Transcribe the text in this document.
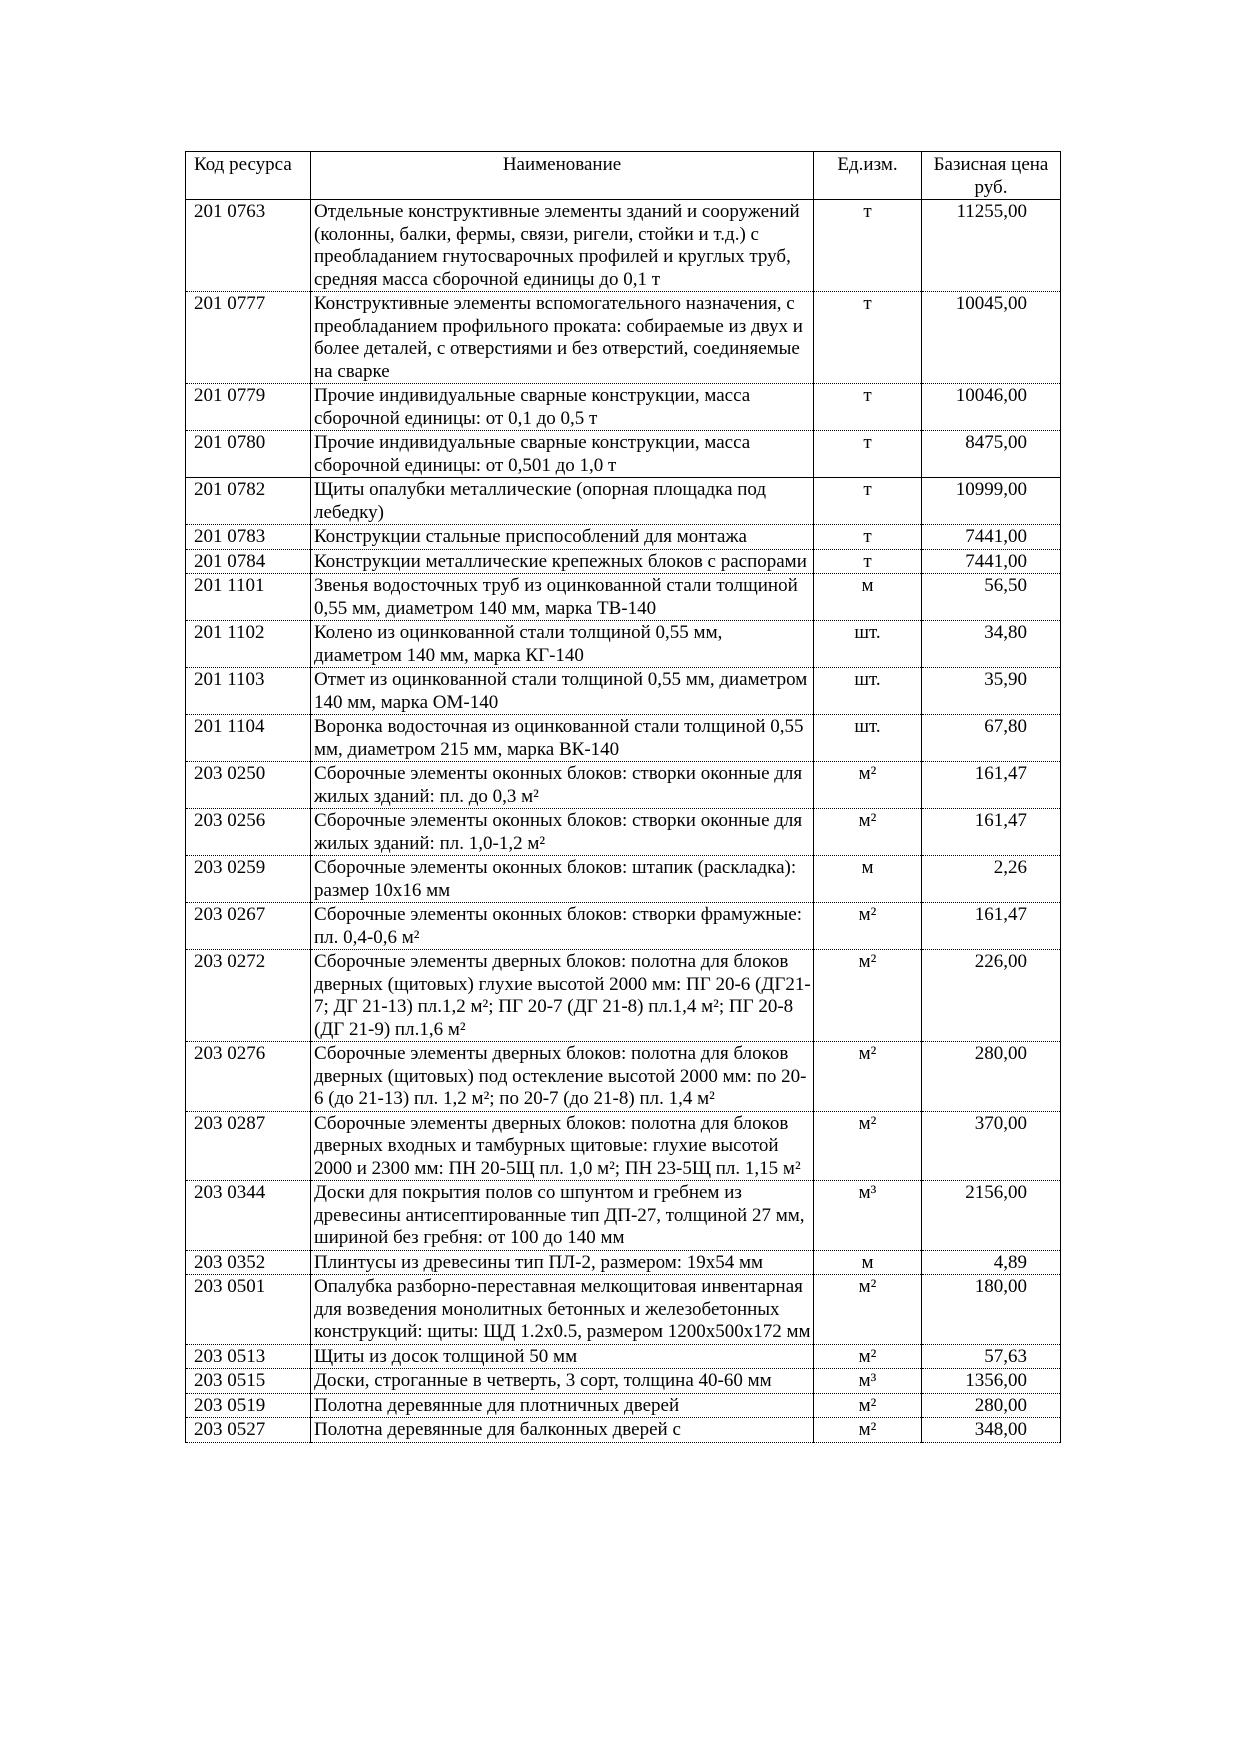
Код ресурса	Наименование	Ед.изм.	Базисная цена руб.
201 0763	Отдельные конструктивные элементы зданий и сооружений (колонны, балки, фермы, связи, ригели, стойки и т.д.) с преобладанием гнутосварочных профилей и круглых труб, средняя масса сборочной единицы до 0,1 т	т	11255,00
201 0777	Конструктивные элементы вспомогательного назначения, с преобладанием профильного проката: собираемые из двух и более деталей, с отверстиями и без отверстий, соединяемые на сварке	т	10045,00
201 0779	Прочие индивидуальные сварные конструкции, масса сборочной единицы: от 0,1 до 0,5 т	т	10046,00
201 0780	Прочие индивидуальные сварные конструкции, масса сборочной единицы: от 0,501 до 1,0 т	т	8475,00
201 0782	Щиты опалубки металлические (опорная площадка под лебедку)	т	10999,00
201 0783	Конструкции стальные приспособлений для монтажа	т	7441,00
201 0784	Конструкции металлические крепежных блоков с распорами	т	7441,00
201 1101	Звенья водосточных труб из оцинкованной стали толщиной 0,55 мм, диаметром 140 мм, марка ТВ-140	м	56,50
201 1102	Колено из оцинкованной стали толщиной 0,55 мм, диаметром 140 мм, марка КГ-140	шт.	34,80
201 1103	Отмет из оцинкованной стали толщиной 0,55 мм, диаметром 140 мм, марка ОМ-140	шт.	35,90
201 1104	Воронка водосточная из оцинкованной стали толщиной 0,55 мм, диаметром 215 мм, марка ВК-140	шт.	67,80
203 0250	Сборочные элементы оконных блоков: створки оконные для жилых зданий: пл. до 0,3 м²	м²	161,47
203 0256	Сборочные элементы оконных блоков: створки оконные для жилых зданий: пл. 1,0-1,2 м²	м²	161,47
203 0259	Сборочные элементы оконных блоков: штапик (раскладка): размер 10x16 мм	м	2,26
203 0267	Сборочные элементы оконных блоков: створки фрамужные: пл. 0,4-0,6 м²	м²	161,47
203 0272	Сборочные элементы дверных блоков: полотна для блоков дверных (щитовых) глухие высотой 2000 мм: ПГ 20-6 (ДГ21-7; ДГ 21-13) пл.1,2 м²; ПГ 20-7 (ДГ 21-8) пл.1,4 м²; ПГ 20-8 (ДГ 21-9) пл.1,6 м²	м²	226,00
203 0276	Сборочные элементы дверных блоков: полотна для блоков дверных (щитовых) под остекление высотой 2000 мм: по 20-6 (до 21-13) пл. 1,2 м²; по 20-7 (до 21-8) пл. 1,4 м²	м²	280,00
203 0287	Сборочные элементы дверных блоков: полотна для блоков дверных входных и тамбурных щитовые: глухие высотой 2000 и 2300 мм: ПН 20-5Щ пл. 1,0 м²; ПН 23-5Щ пл. 1,15 м²	м²	370,00
203 0344	Доски для покрытия полов со шпунтом и гребнем из древесины антисептированные тип ДП-27, толщиной 27 мм, шириной без гребня: от 100 до 140 мм	м³	2156,00
203 0352	Плинтусы из древесины тип ПЛ-2, размером: 19x54 мм	м	4,89
203 0501	Опалубка разборно-переставная мелкощитовая инвентарная для возведения монолитных бетонных и железобетонных конструкций: щиты: ЩД 1.2x0.5, размером 1200x500x172 мм	м²	180,00
203 0513	Щиты из досок толщиной 50 мм	м²	57,63
203 0515	Доски, строганные в четверть, 3 сорт, толщина 40-60 мм	м³	1356,00
203 0519	Полотна деревянные для плотничных дверей	м²	280,00
203 0527	Полотна деревянные для балконных дверей с	м²	348,00
